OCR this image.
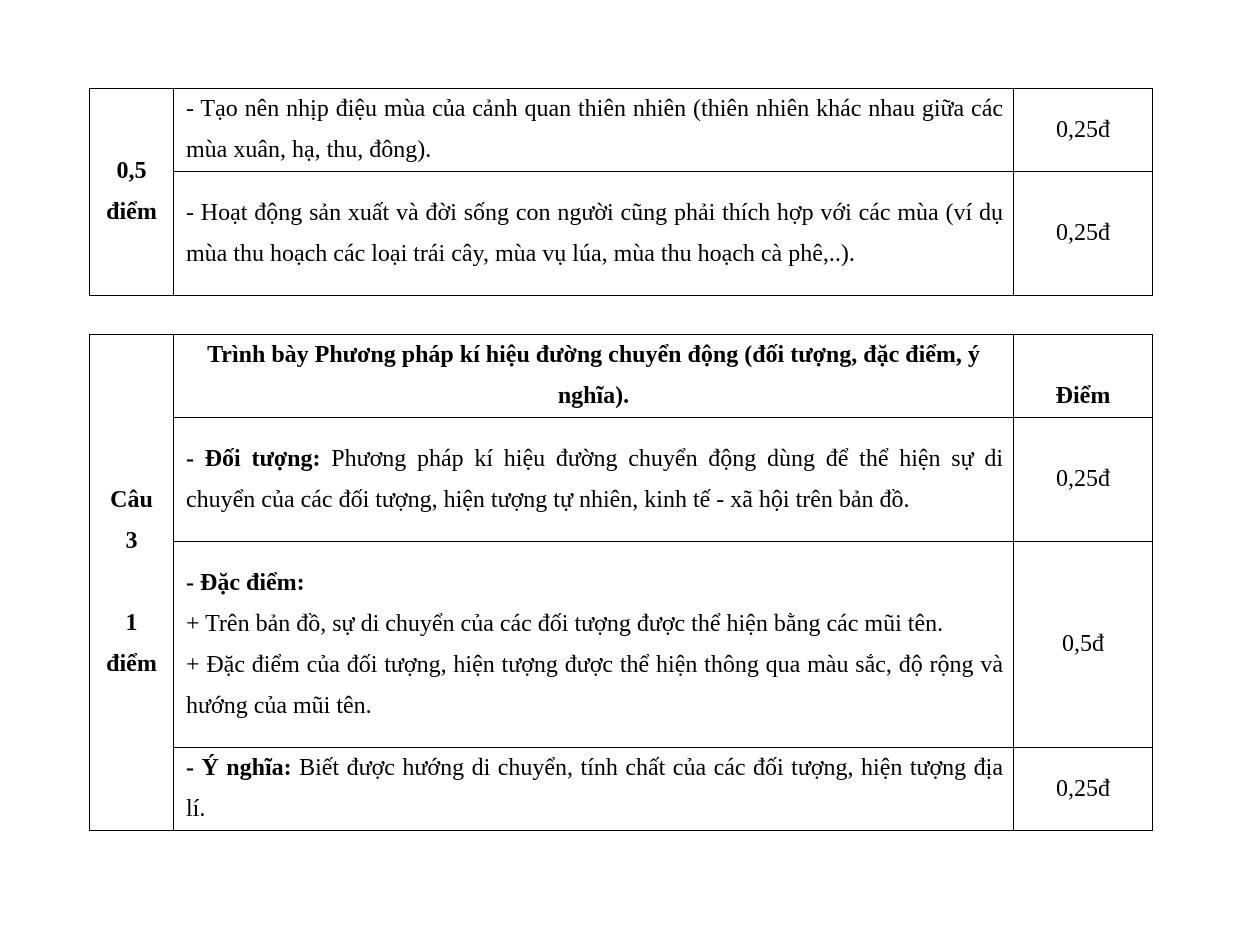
0,5
điểm	- Tạo nên nhịp điệu mùa của cảnh quan thiên nhiên (thiên nhiên khác nhau giữa các mùa xuân, hạ, thu, đông).	0,25đ
	- Hoạt động sản xuất và đời sống con người cũng phải thích hợp với các mùa (ví dụ mùa thu hoạch các loại trái cây, mùa vụ lúa, mùa thu hoạch cà phê,..).	0,25đ
Câu
3

1
điểm	Trình bày Phương pháp kí hiệu đường chuyển động (đối tượng, đặc điểm, ý nghĩa).	Điểm
	- Đối tượng: Phương pháp kí hiệu đường chuyển động dùng để thể hiện sự di chuyển của các đối tượng, hiện tượng tự nhiên, kinh tế - xã hội trên bản đồ.	0,25đ
	- Đặc điểm:
+ Trên bản đồ, sự di chuyển của các đối tượng được thể hiện bằng các mũi tên.
+ Đặc điểm của đối tượng, hiện tượng được thể hiện thông qua màu sắc, độ rộng và hướng của mũi tên.	0,5đ
	- Ý nghĩa: Biết được hướng di chuyển, tính chất của các đối tượng, hiện tượng địa lí.	0,25đ
